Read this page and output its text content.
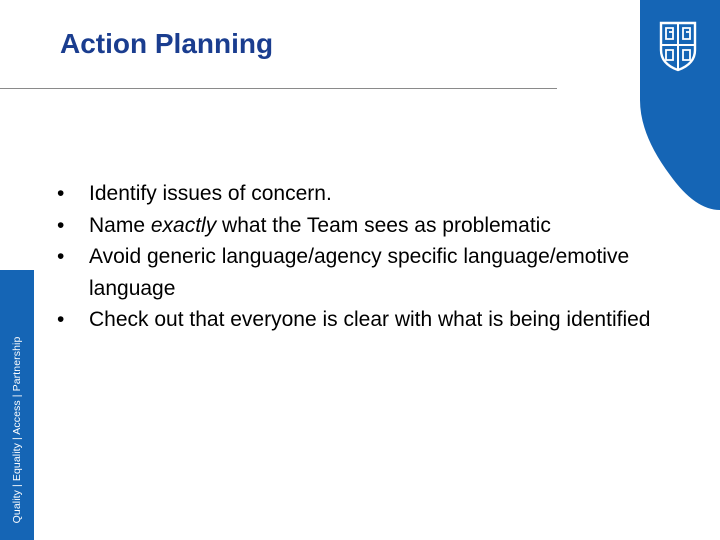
Quality | Equality | Access | Partnership
Action Planning
• Identify issues of concern.
• Name exactly what the Team sees as problematic
• Avoid generic language/agency specific language/emotive language
• Check out that everyone is clear with what is being identified
